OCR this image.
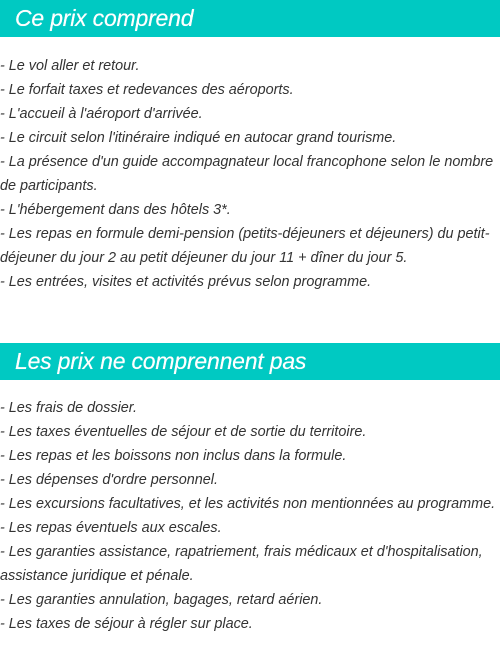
Ce prix comprend
- Le vol aller et retour.
- Le forfait taxes et redevances des aéroports.
- L'accueil à l'aéroport d'arrivée.
- Le circuit selon l'itinéraire indiqué en autocar grand tourisme.
- La présence d'un guide accompagnateur local francophone selon le nombre de participants.
- L'hébergement dans des hôtels 3*.
- Les repas en formule demi-pension (petits-déjeuners et déjeuners) du petit-déjeuner du jour 2 au petit déjeuner du jour 11 + dîner du jour 5.
- Les entrées, visites et activités prévus selon programme.
Les prix ne comprennent pas
- Les frais de dossier.
- Les taxes éventuelles de séjour et de sortie du territoire.
- Les repas et les boissons non inclus dans la formule.
- Les dépenses d'ordre personnel.
- Les excursions facultatives, et les activités non mentionnées au programme.
- Les repas éventuels aux escales.
- Les garanties assistance, rapatriement, frais médicaux et d'hospitalisation, assistance juridique et pénale.
- Les garanties annulation, bagages, retard aérien.
- Les taxes de séjour à régler sur place.
